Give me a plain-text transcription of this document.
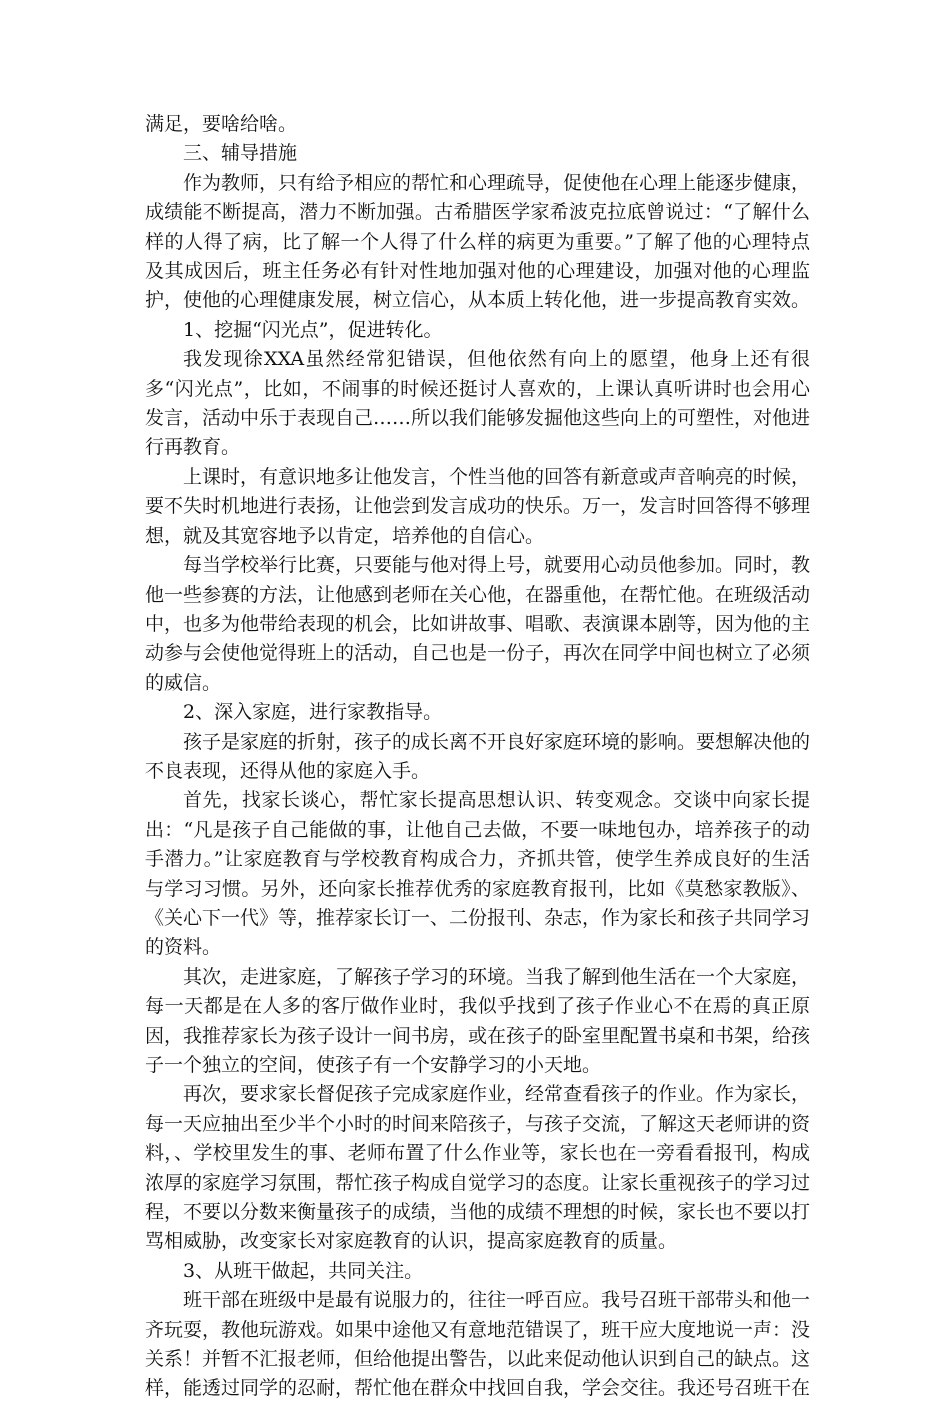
满足，要啥给啥。

三、辅导措施

作为教师，只有给予相应的帮忙和心理疏导，促使他在心理上能逐步健康，成绩能不断提高，潜力不断加强。古希腊医学家希波克拉底曾说过：“了解什么样的人得了病，比了解一个人得了什么样的病更为重要。”了解了他的心理特点及其成因后，班主任务必有针对性地加强对他的心理建设，加强对他的心理监护，使他的心理健康发展，树立信心，从本质上转化他，进一步提高教育实效。

1、挖掘“闪光点”，促进转化。

我发现徐XXA虽然经常犯错误，但他依然有向上的愿望，他身上还有很多“闪光点”，比如，不闹事的时候还挺讨人喜欢的，上课认真听讲时也会用心发言，活动中乐于表现自己……所以我们能够发掘他这些向上的可塑性，对他进行再教育。

上课时，有意识地多让他发言，个性当他的回答有新意或声音响亮的时候，要不失时机地进行表扬，让他尝到发言成功的快乐。万一，发言时回答得不够理想，就及其宽容地予以肯定，培养他的自信心。

每当学校举行比赛，只要能与他对得上号，就要用心动员他参加。同时，教他一些参赛的方法，让他感到老师在关心他，在器重他，在帮忙他。在班级活动中，也多为他带给表现的机会，比如讲故事、唱歌、表演课本剧等，因为他的主动参与会使他觉得班上的活动，自己也是一份子，再次在同学中间也树立了必须的威信。

2、深入家庭，进行家教指导。

孩子是家庭的折射，孩子的成长离不开良好家庭环境的影响。要想解决他的不良表现，还得从他的家庭入手。

首先，找家长谈心，帮忙家长提高思想认识、转变观念。交谈中向家长提出：“凡是孩子自己能做的事，让他自己去做，不要一味地包办，培养孩子的动手潜力。”让家庭教育与学校教育构成合力，齐抓共管，使学生养成良好的生活与学习习惯。另外，还向家长推荐优秀的家庭教育报刊，比如《莫愁家教版》、《关心下一代》等，推荐家长订一、二份报刊、杂志，作为家长和孩子共同学习的资料。

其次，走进家庭，了解孩子学习的环境。当我了解到他生活在一个大家庭，每一天都是在人多的客厅做作业时，我似乎找到了孩子作业心不在焉的真正原因，我推荐家长为孩子设计一间书房，或在孩子的卧室里配置书桌和书架，给孩子一个独立的空间，使孩子有一个安静学习的小天地。

再次，要求家长督促孩子完成家庭作业，经常查看孩子的作业。作为家长，每一天应抽出至少半个小时的时间来陪孩子，与孩子交流，了解这天老师讲的资料，、学校里发生的事、老师布置了什么作业等，家长也在一旁看看报刊，构成浓厚的家庭学习氛围，帮忙孩子构成自觉学习的态度。让家长重视孩子的学习过程，不要以分数来衡量孩子的成绩，当他的成绩不理想的时候，家长也不要以打骂相威胁，改变家长对家庭教育的认识，提高家庭教育的质量。

3、从班干做起，共同关注。

班干部在班级中是最有说服力的，往往一呼百应。我号召班干部带头和他一齐玩耍，教他玩游戏。如果中途他又有意地范错误了，班干应大度地说一声：没关系！并暂不汇报老师，但给他提出警告，以此来促动他认识到自己的缺点。这样，能透过同学的忍耐，帮忙他在群众中找回自我，学会交往。我还号召班干在
